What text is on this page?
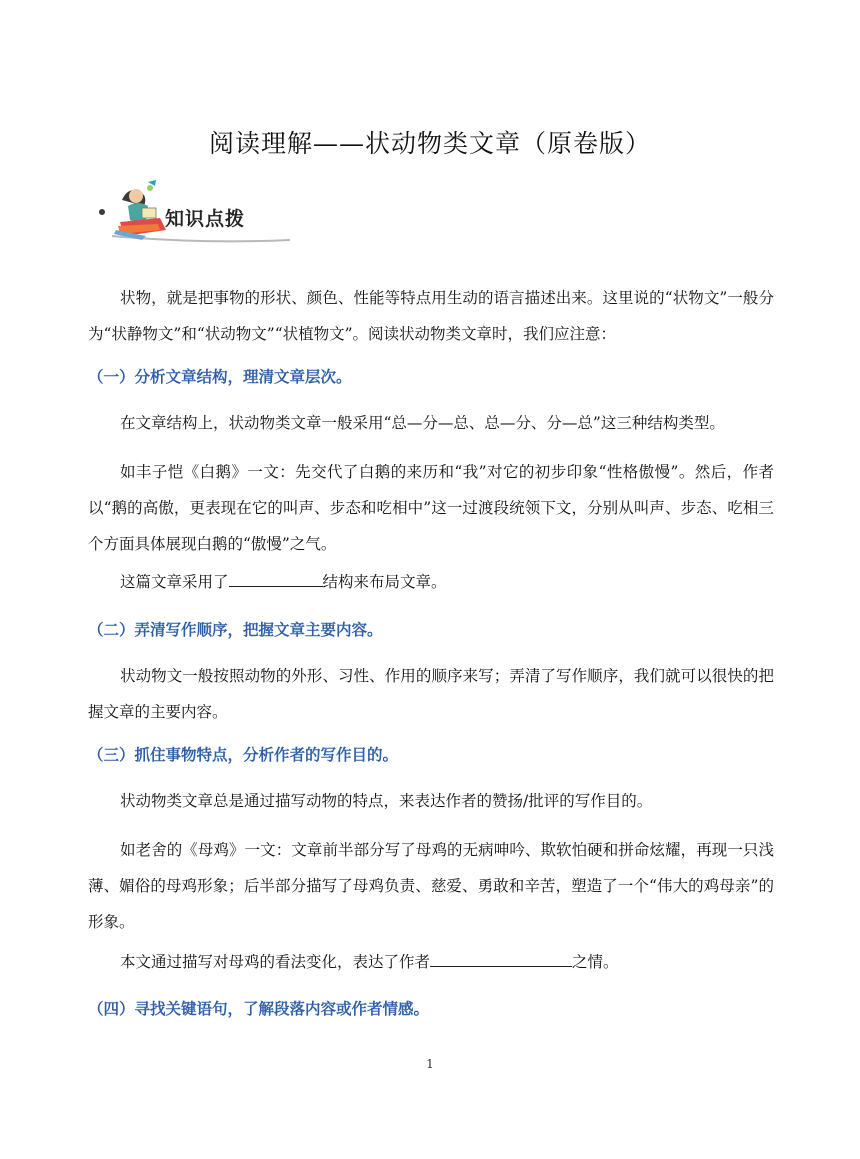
阅读理解——状动物类文章（原卷版）
知识点拨

状物，就是把事物的形状、颜色、性能等特点用生动的语言描述出来。这里说的“状物文”一般分为“状静物文”和“状动物文”“状植物文”。阅读状动物类文章时，我们应注意：

（一）分析文章结构，理清文章层次。

在文章结构上，状动物类文章一般采用“总—分—总、总—分、分—总”这三种结构类型。

如丰子恺《白鹅》一文：先交代了白鹅的来历和“我”对它的初步印象“性格傲慢”。然后，作者以“鹅的高傲，更表现在它的叫声、步态和吃相中”这一过渡段统领下文，分别从叫声、步态、吃相三个方面具体展现白鹅的“傲慢”之气。

这篇文章采用了	结构来布局文章。

（二）弄清写作顺序，把握文章主要内容。

状动物文一般按照动物的外形、习性、作用的顺序来写；弄清了写作顺序，我们就可以很快的把握文章的主要内容。

（三）抓住事物特点，分析作者的写作目的。

状动物类文章总是通过描写动物的特点，来表达作者的赞扬/批评的写作目的。

如老舍的《母鸡》一文：文章前半部分写了母鸡的无病呻吟、欺软怕硬和拼命炫耀，再现一只浅薄、媚俗的母鸡形象；后半部分描写了母鸡负责、慈爱、勇敢和辛苦，塑造了一个“伟大的鸡母亲”的形象。

本文通过描写对母鸡的看法变化，表达了作者	之情。

（四）寻找关键语句，了解段落内容或作者情感。

1
